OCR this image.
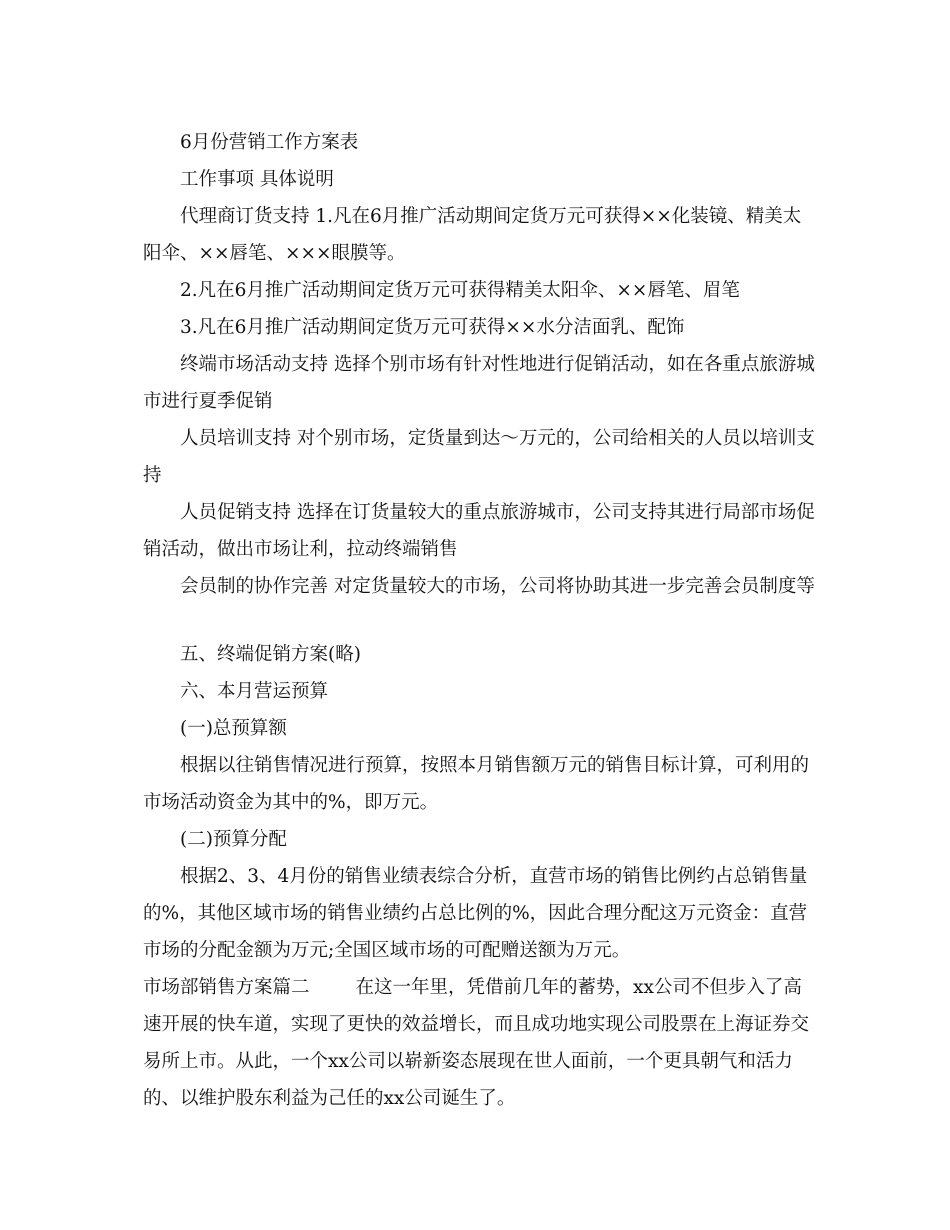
6月份营销工作方案表

工作事项 具体说明

代理商订货支持 1.凡在6月推广活动期间定货万元可获得××化装镜、精美太阳伞、××唇笔、×××眼膜等。

2.凡在6月推广活动期间定货万元可获得精美太阳伞、××唇笔、眉笔

3.凡在6月推广活动期间定货万元可获得××水分洁面乳、配饰

终端市场活动支持 选择个别市场有针对性地进行促销活动，如在各重点旅游城市进行夏季促销

人员培训支持 对个别市场，定货量到达～万元的，公司给相关的人员以培训支持

人员促销支持 选择在订货量较大的重点旅游城市，公司支持其进行局部市场促销活动，做出市场让利，拉动终端销售

会员制的协作完善 对定货量较大的市场，公司将协助其进一步完善会员制度等

五、终端促销方案(略)

六、本月营运预算

(一)总预算额

根据以往销售情况进行预算，按照本月销售额万元的销售目标计算，可利用的市场活动资金为其中的%，即万元。

(二)预算分配

根据2、3、4月份的销售业绩表综合分析，直营市场的销售比例约占总销售量的%，其他区域市场的销售业绩约占总比例的%，因此合理分配这万元资金：直营市场的分配金额为万元;全国区域市场的可配赠送额为万元。

市场部销售方案篇二 在这一年里，凭借前几年的蓄势，xx公司不但步入了高速开展的快车道，实现了更快的效益增长，而且成功地实现公司股票在上海证券交易所上市。从此，一个xx公司以崭新姿态展现在世人面前，一个更具朝气和活力的、以维护股东利益为己任的xx公司诞生了。
